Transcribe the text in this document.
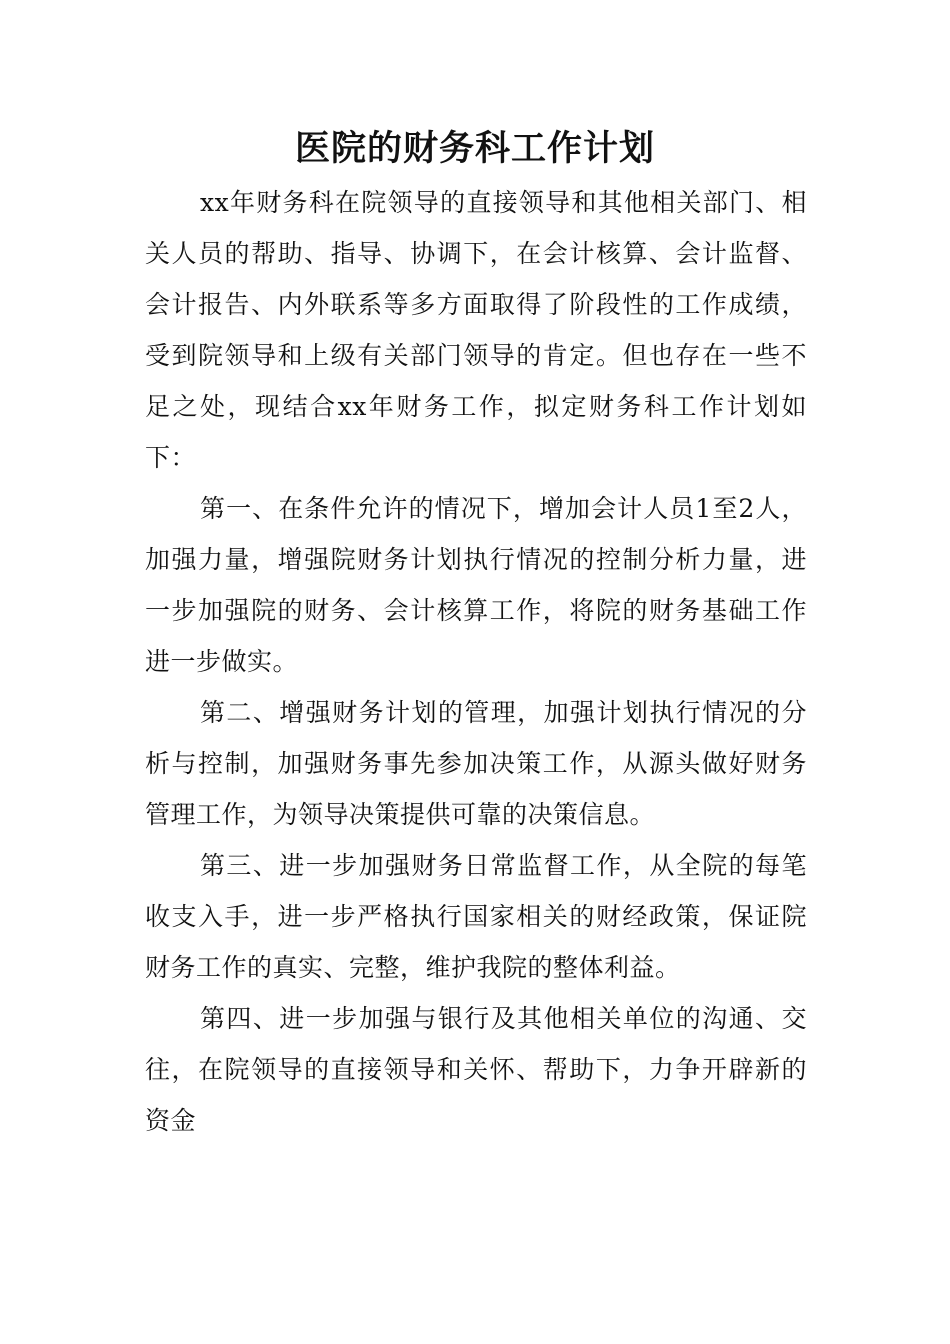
医院的财务科工作计划

xx年财务科在院领导的直接领导和其他相关部门、相关人员的帮助、指导、协调下，在会计核算、会计监督、会计报告、内外联系等多方面取得了阶段性的工作成绩，受到院领导和上级有关部门领导的肯定。但也存在一些不足之处，现结合xx年财务工作，拟定财务科工作计划如下：

第一、在条件允许的情况下，增加会计人员1至2人，加强力量，增强院财务计划执行情况的控制分析力量，进一步加强院的财务、会计核算工作，将院的财务基础工作进一步做实。

第二、增强财务计划的管理，加强计划执行情况的分析与控制，加强财务事先参加决策工作，从源头做好财务管理工作，为领导决策提供可靠的决策信息。

第三、进一步加强财务日常监督工作，从全院的每笔收支入手，进一步严格执行国家相关的财经政策，保证院财务工作的真实、完整，维护我院的整体利益。

第四、进一步加强与银行及其他相关单位的沟通、交往，在院领导的直接领导和关怀、帮助下，力争开辟新的资金
